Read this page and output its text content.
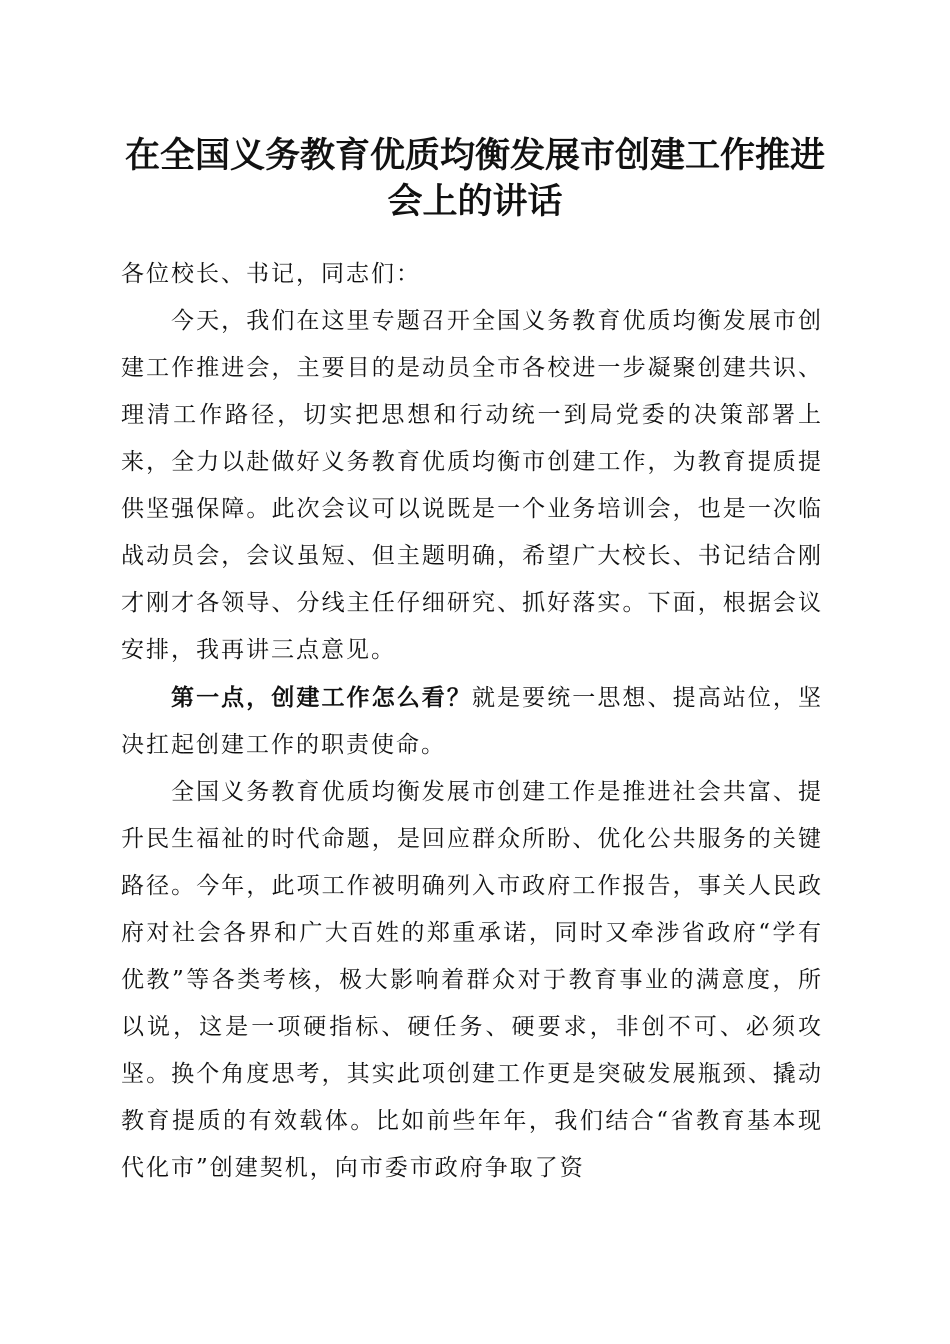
在全国义务教育优质均衡发展市创建工作推进
会上的讲话

各位校长、书记，同志们：

今天，我们在这里专题召开全国义务教育优质均衡发展市创建工作推进会，主要目的是动员全市各校进一步凝聚创建共识、理清工作路径，切实把思想和行动统一到局党委的决策部署上来，全力以赴做好义务教育优质均衡市创建工作，为教育提质提供坚强保障。此次会议可以说既是一个业务培训会，也是一次临战动员会，会议虽短、但主题明确，希望广大校长、书记结合刚才刚才各领导、分线主任仔细研究、抓好落实。下面，根据会议安排，我再讲三点意见。

第一点，创建工作怎么看？就是要统一思想、提高站位，坚决扛起创建工作的职责使命。

全国义务教育优质均衡发展市创建工作是推进社会共富、提升民生福祉的时代命题，是回应群众所盼、优化公共服务的关键路径。今年，此项工作被明确列入市政府工作报告，事关人民政府对社会各界和广大百姓的郑重承诺，同时又牵涉省政府“学有优教”等各类考核，极大影响着群众对于教育事业的满意度，所以说，这是一项硬指标、硬任务、硬要求，非创不可、必须攻坚。换个角度思考，其实此项创建工作更是突破发展瓶颈、撬动教育提质的有效载体。比如前些年年，我们结合“省教育基本现代化市”创建契机，向市委市政府争取了资
